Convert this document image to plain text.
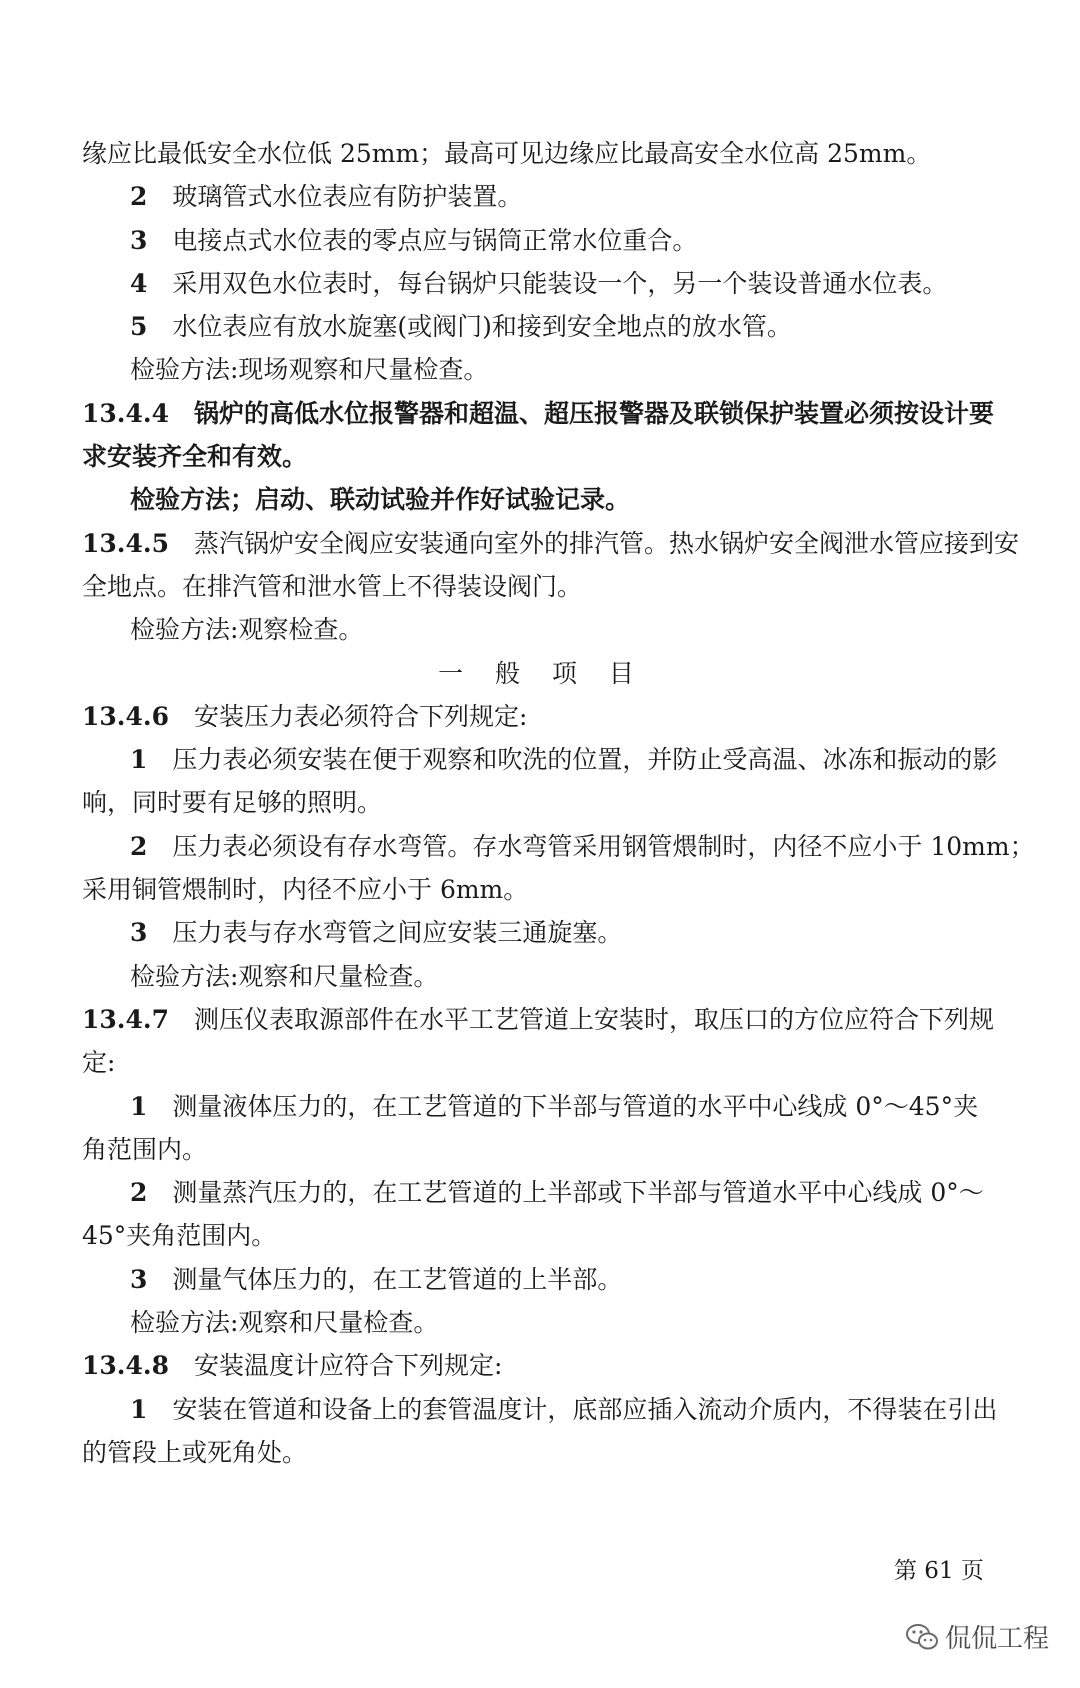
缘应比最低安全水位低 25mm；最高可见边缘应比最高安全水位高 25mm。
2　 玻璃管式水位表应有防护装置。
3　 电接点式水位表的零点应与锅筒正常水位重合。
4　 采用双色水位表时，每台锅炉只能装设一个，另一个装设普通水位表。
5　 水位表应有放水旋塞(或阀门)和接到安全地点的放水管。
检验方法:现场观察和尺量检查。
13.4.4　 锅炉的高低水位报警器和超温、超压报警器及联锁保护装置必须按设计要
求安装齐全和有效。
检验方法；启动、联动试验并作好试验记录。
13.4.5　 蒸汽锅炉安全阀应安装通向室外的排汽管。热水锅炉安全阀泄水管应接到安
全地点。在排汽管和泄水管上不得装设阀门。
检验方法:观察检查。
一 般 项 目
13.4.6　 安装压力表必须符合下列规定:
1　 压力表必须安装在便于观察和吹洗的位置，并防止受高温、冰冻和振动的影
响，同时要有足够的照明。
2　 压力表必须设有存水弯管。存水弯管采用钢管煨制时，内径不应小于 10mm；
采用铜管煨制时，内径不应小于 6mm。
3　 压力表与存水弯管之间应安装三通旋塞。
检验方法:观察和尺量检查。
13.4.7　 测压仪表取源部件在水平工艺管道上安装时，取压口的方位应符合下列规
定:
1　 测量液体压力的，在工艺管道的下半部与管道的水平中心线成 0°～45°夹
角范围内。
2　 测量蒸汽压力的，在工艺管道的上半部或下半部与管道水平中心线成 0°～
45°夹角范围内。
3　 测量气体压力的，在工艺管道的上半部。
检验方法:观察和尺量检查。
13.4.8　 安装温度计应符合下列规定:
1　 安装在管道和设备上的套管温度计，底部应插入流动介质内，不得装在引出
的管段上或死角处。
第 61 页
侃侃工程
